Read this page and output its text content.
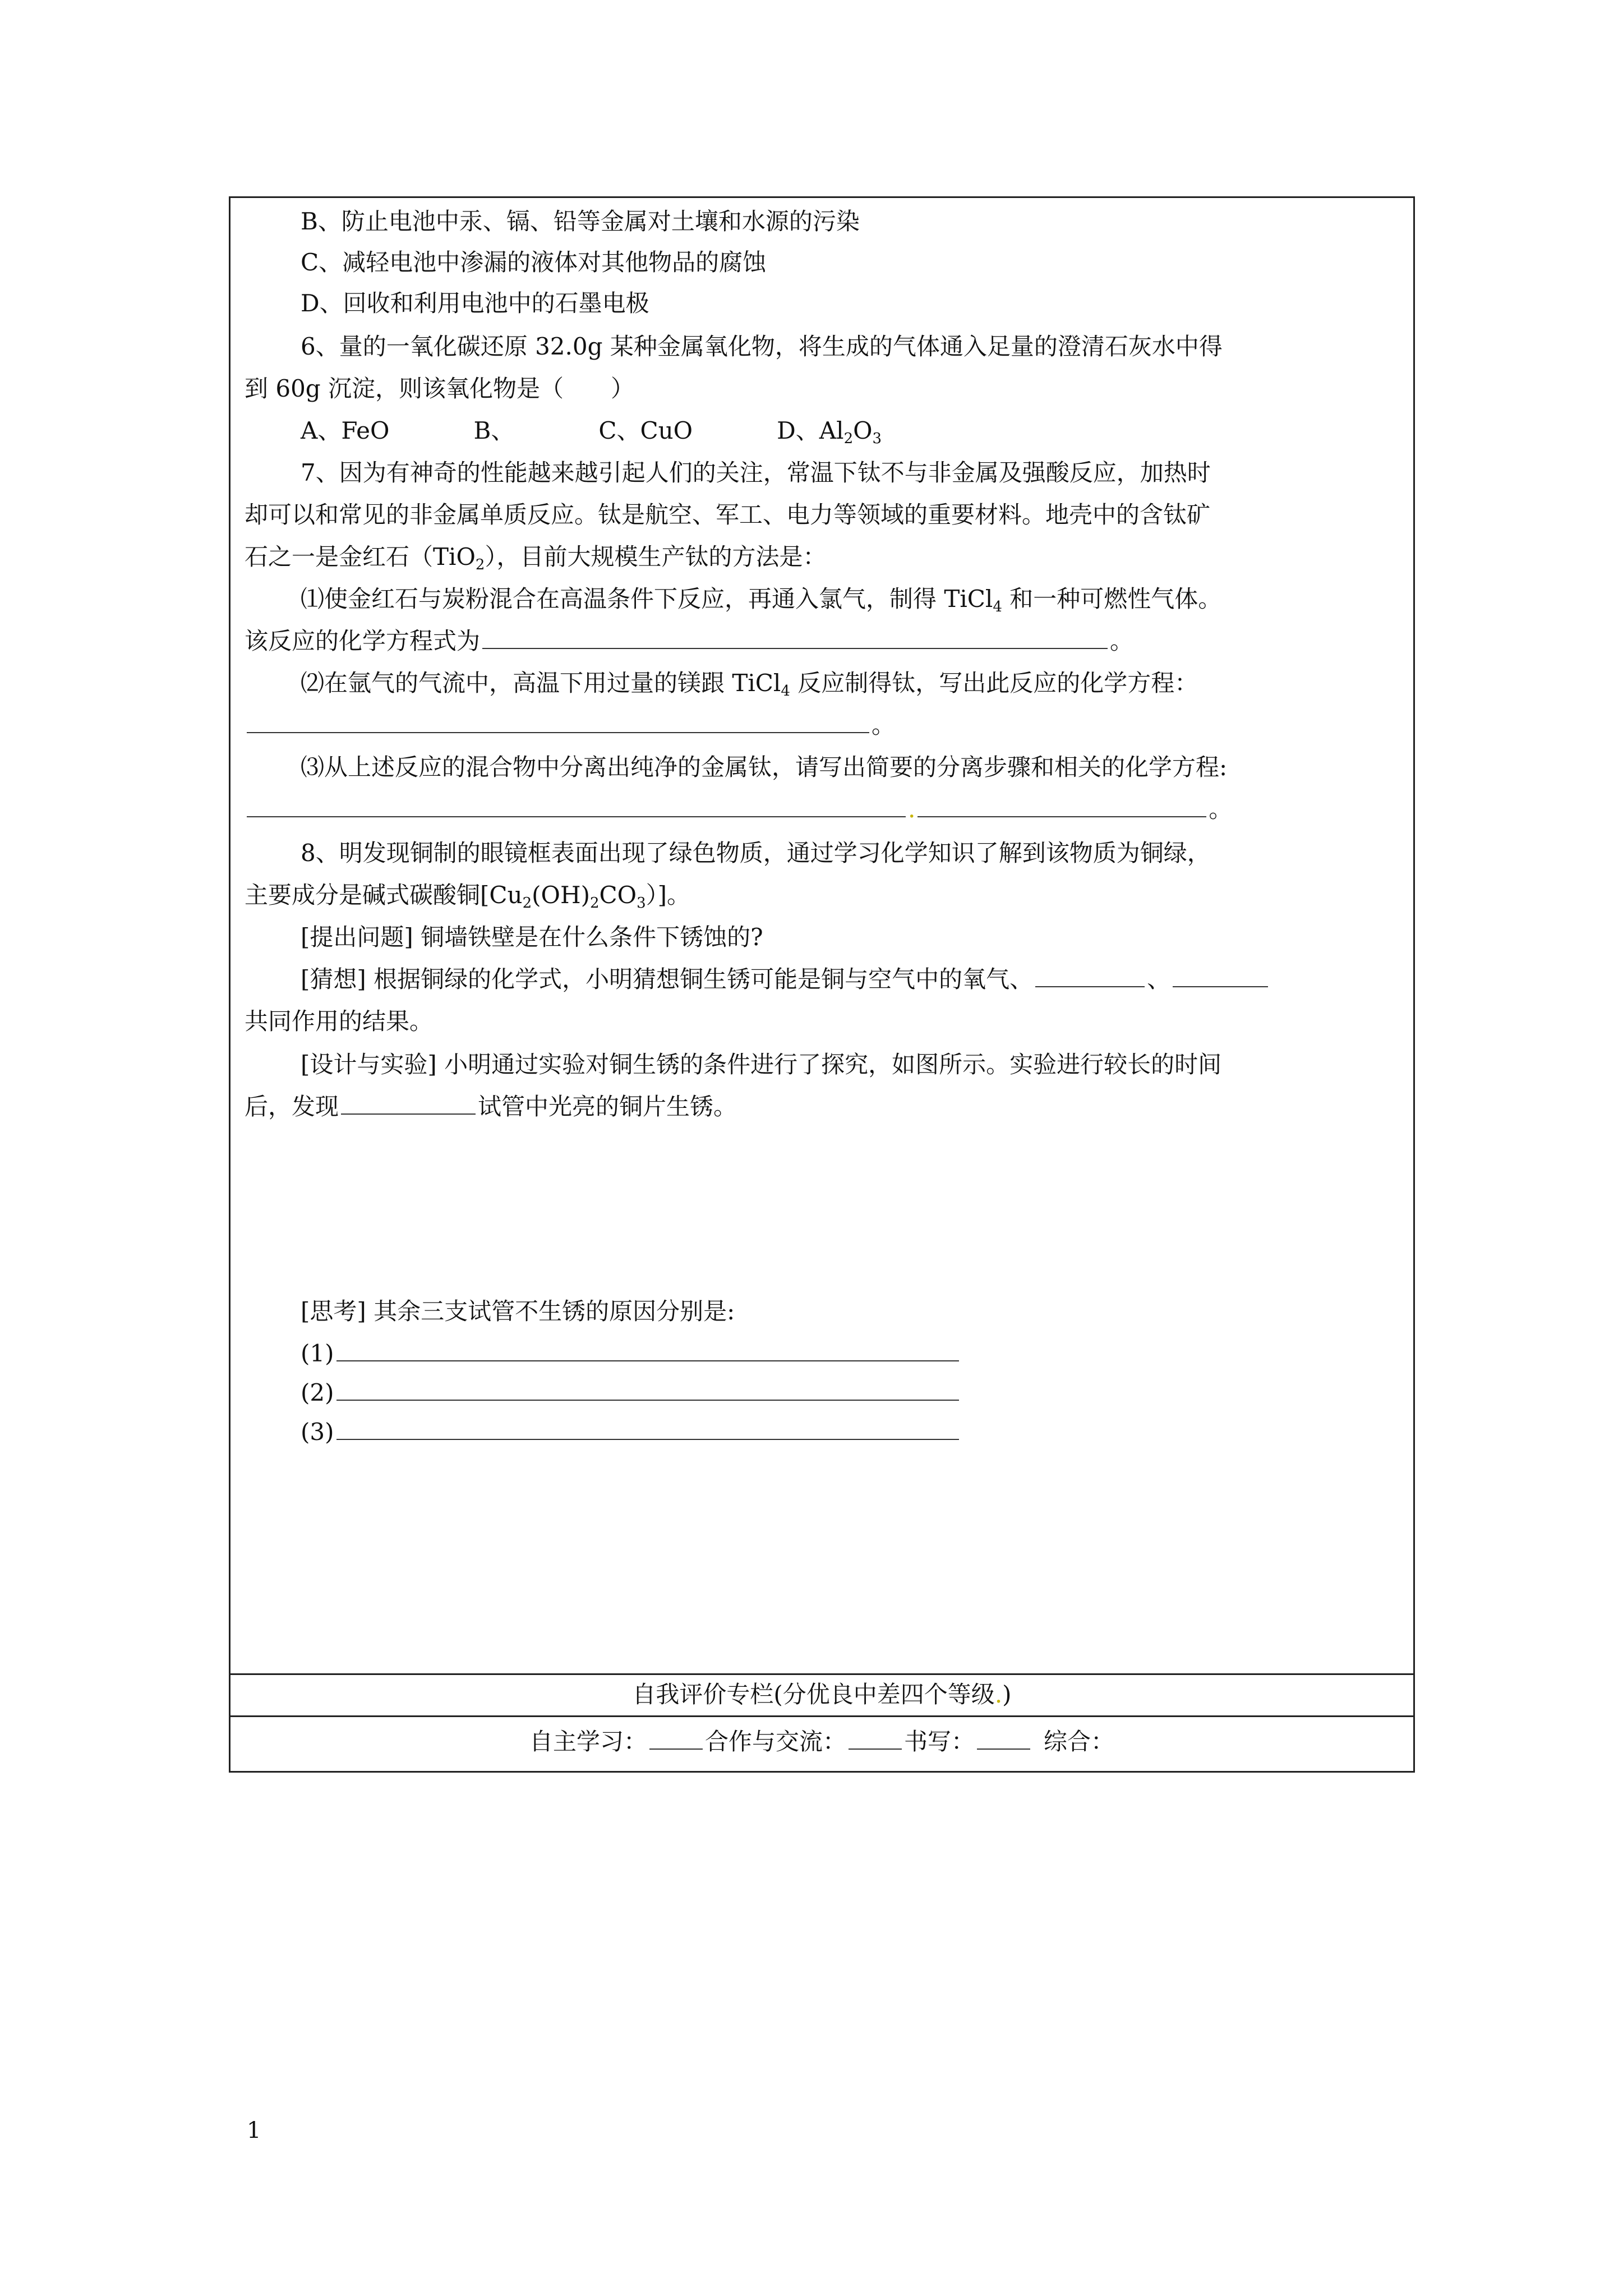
B、防止电池中汞、镉、铅等金属对土壤和水源的污染
C、减轻电池中渗漏的液体对其他物品的腐蚀
D、回收和利用电池中的石墨电极
6、量的一氧化碳还原 32.0g 某种金属氧化物，将生成的气体通入足量的澄清石灰水中得
到 60g 沉淀，则该氧化物是（　　）
A、FeO	B、	C、CuO	D、$Al_2O_3$
7、因为有神奇的性能越来越引起人们的关注，常温下钛不与非金属及强酸反应，加热时
却可以和常见的非金属单质反应。钛是航空、军工、电力等领域的重要材料。地壳中的含钛矿
石之一是金红石（TiO$_2$），目前大规模生产钛的方法是：
⑴使金红石与炭粉混合在高温条件下反应，再通入氯气，制得 TiCl$_4$ 和一种可燃性气体。
该反应的化学方程式为	。
⑵在氩气的气流中，高温下用过量的镁跟 TiCl$_4$ 反应制得钛，写出此反应的化学方程：
。
⑶从上述反应的混合物中分离出纯净的金属钛，请写出简要的分离步骤和相关的化学方程:
.	。
8、明发现铜制的眼镜框表面出现了绿色物质，通过学习化学知识了解到该物质为铜绿，
主要成分是碱式碳酸铜$[Cu_2(OH)_2CO_3)$]。
[提出问题] 铜墙铁壁是在什么条件下锈蚀的?
[猜想] 根据铜绿的化学式，小明猜想铜生锈可能是铜与空气中的氧气、	、
共同作用的结果。
[设计与实验] 小明通过实验对铜生锈的条件进行了探究，如图所示。实验进行较长的时间
后，发现	试管中光亮的铜片生锈。
[思考] 其余三支试管不生锈的原因分别是:
(1)
(2)
(3)
自我评价专栏(分优良中差四个等级.)
自主学习： 合作与交流： 书写：	综合：
1
